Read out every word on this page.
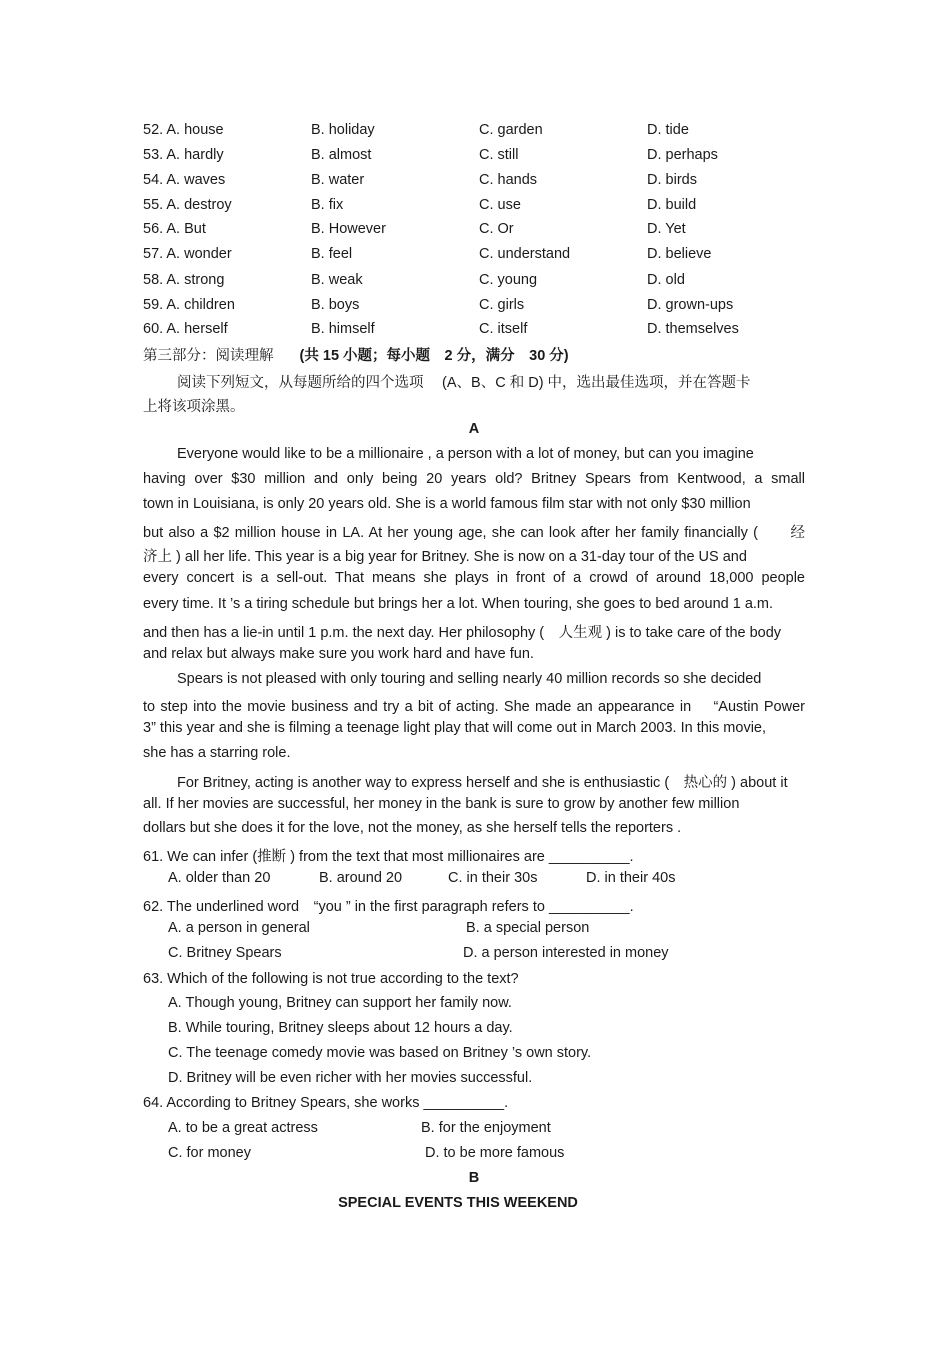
52. A. house	B. holiday	C. garden	D. tide
53. A. hardly	B. almost	C. still	D. perhaps
54. A. waves	B. water	C. hands	D. birds
55. A. destroy	B. fix	C. use	D. build
56. A. But	B. However	C. Or	D. Yet
57. A. wonder	B. feel	C. understand	D. believe
58. A. strong	B. weak	C. young	D. old
59. A. children	B. boys	C. girls	D. grown-ups
60. A. herself	B. himself	C. itself	D. themselves
第三部分：阅读理解 (共 15 小题；每小题　2 分，满分　30 分)
阅读下列短文，从每题所给的四个选项　 (A、B、C 和 D) 中，选出最佳选项，并在答题卡
上将该项涂黑。
A
Everyone would like to be a millionaire , a person with a lot of money, but can you imagine
having over $30 million and only being 20 years old? Britney Spears from Kentwood, a small
town in Louisiana, is only 20 years old. She is a world famous film star with not only $30 million
but also a $2 million house in LA. At her young age, she can look after her family financially (　　经
济上 ) all her life. This year is a big year for Britney. She is now on a 31-day tour of the US and
every concert is a sell-out. That means she plays in front of a crowd of around 18,000 people
every time. It ’s a tiring schedule but brings her a lot. When touring, she goes to bed around 1 a.m.
and then has a lie-in until 1 p.m. the next day. Her philosophy (　人生观 ) is to take care of the body
and relax but always make sure you work hard and have fun.
Spears is not pleased with only touring and selling nearly 40 million records so she decided
to step into the movie business and try a bit of acting. She made an appearance in　 “Austin Power
3” this year and she is filming a teenage light play that will come out in March 2003. In this movie,
she has a starring role.
For Britney, acting is another way to express herself and she is enthusiastic (　热心的 ) about it
all. If her movies are successful, her money in the bank is sure to grow by another few million
dollars but she does it for the love, not the money, as she herself tells the reporters .
61. We can infer (推断 ) from the text that most millionaires are __________.
A. older than 20	B. around 20	C. in their 30s	D. in their 40s
62. The underlined word　“you ” in the first paragraph refers to __________.
A. a person in general	B. a special person
C. Britney Spears	D. a person interested in money
63. Which of the following is not true according to the text?
A. Though young, Britney can support her family now.
B. While touring, Britney sleeps about 12 hours a day.
C. The teenage comedy movie was based on Britney ’s own story.
D. Britney will be even richer with her movies successful.
64. According to Britney Spears, she works __________.
A. to be a great actress	B. for the enjoyment
C. for money	D. to be more famous
B
SPECIAL EVENTS THIS WEEKEND
